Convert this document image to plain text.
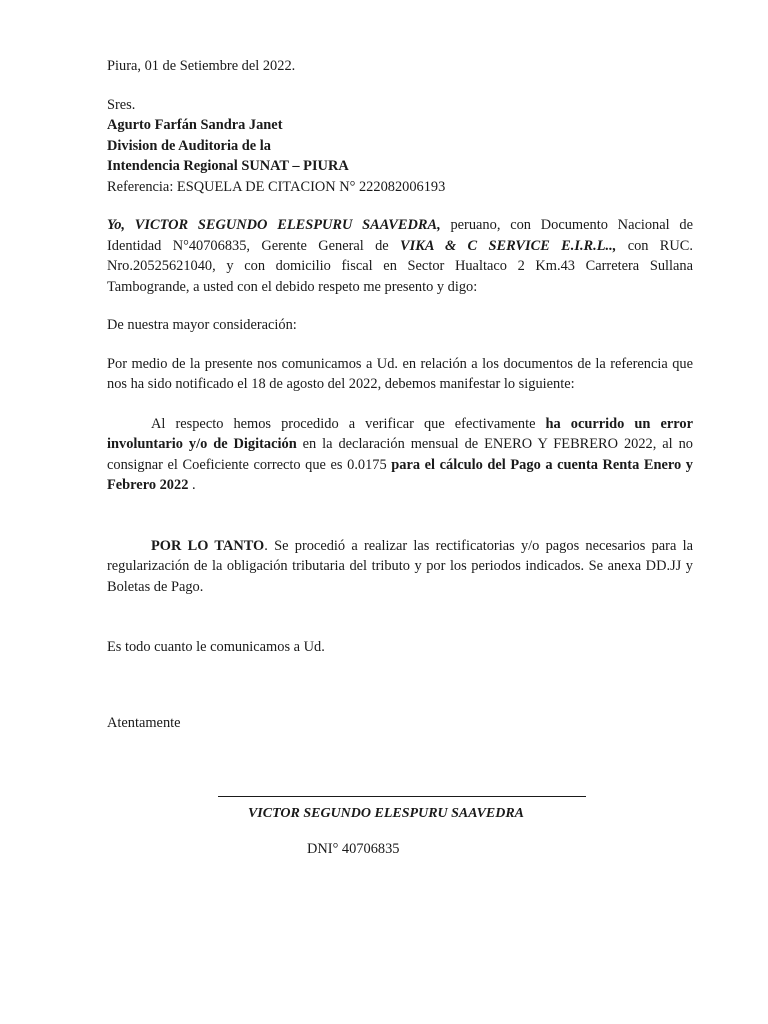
Piura, 01 de Setiembre del 2022.
Sres.
Agurto Farfán Sandra Janet
Division de Auditoria de la
Intendencia Regional SUNAT – PIURA
Referencia: ESQUELA DE CITACION N° 222082006193

Yo, VICTOR SEGUNDO ELESPURU SAAVEDRA, peruano, con Documento Nacional de Identidad N°40706835, Gerente General de VIKA & C SERVICE E.I.R.L.., con RUC. Nro.20525621040, y con domicilio fiscal en Sector Hualtaco 2 Km.43 Carretera Sullana Tambogrande, a usted con el debido respeto me presento y digo:

De nuestra mayor consideración:

Por medio de la presente nos comunicamos a Ud. en relación a los documentos de la referencia que nos ha sido notificado el 18 de agosto del 2022, debemos manifestar lo siguiente:

Al respecto hemos procedido a verificar que efectivamente ha ocurrido un error involuntario y/o de Digitación en la declaración mensual de ENERO Y FEBRERO 2022, al no consignar el Coeficiente correcto que es 0.0175 para el cálculo del Pago a cuenta Renta Enero y Febrero 2022 .

POR LO TANTO. Se procedió a realizar las rectificatorias y/o pagos necesarios para la regularización de la obligación tributaria del tributo y por los periodos indicados. Se anexa DD.JJ y Boletas de Pago.

Es todo cuanto le comunicamos a Ud.
Atentamente
VICTOR SEGUNDO ELESPURU SAAVEDRA
DNI° 40706835
